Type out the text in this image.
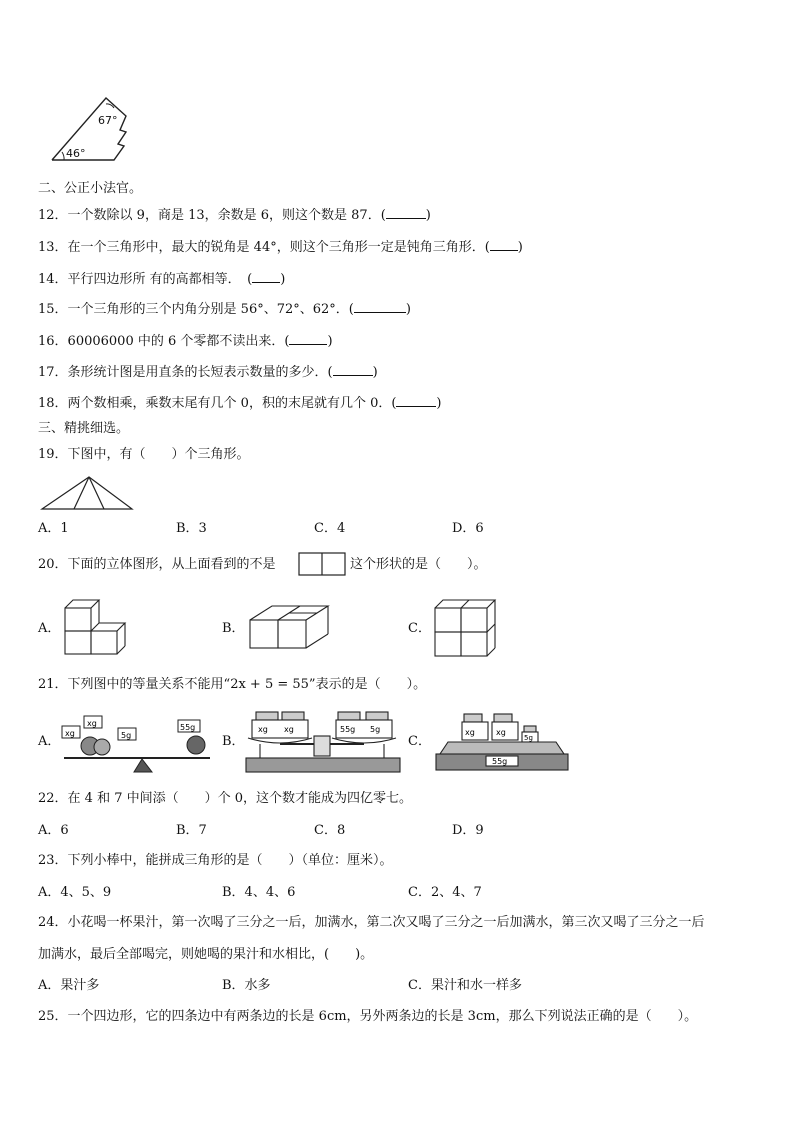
67°
46°
二、公正小法官。
12．一个数除以 9，商是 13，余数是 6，则这个数是 87．(	)
13．在一个三角形中，最大的锐角是 44°，则这个三角形一定是钝角三角形．( )
14．平行四边形所 有的高都相等．　( )
15．一个三角形的三个内角分别是 56°、72°、62°．(	)
16．60006000 中的 6 个零都不读出来．(	)
17．条形统计图是用直条的长短表示数量的多少．(	)
18．两个数相乘，乘数末尾有几个 0，积的末尾就有几个 0．(	)
三、精挑细选。
19．下图中，有（　　）个三角形。
A．1	B．3	C．4	D．6
20．下面的立体图形，从上面看到的不是	这个形状的是（　　）。
A．	B．	C．
21．下列图中的等量关系不能用“2x + 5 = 55”表示的是（　　）。
A．
xg
xg
5g
55g
B．
xg xg	55g 5g
C．
xg	xg
5g
55g
22．在 4 和 7 中间添（　　）个 0，这个数才能成为四亿零七。
A．6	B．7	C．8	D．9
23．下列小棒中，能拼成三角形的是（　　）（单位：厘米）。
A．4、5、9	B．4、4、6	C．2、4、7
24．小花喝一杯果汁，第一次喝了三分之一后，加满水，第二次又喝了三分之一后加满水，第三次又喝了三分之一后
加满水，最后全部喝完，则她喝的果汁和水相比，(　　)。
A．果汁多	B．水多	C．果汁和水一样多
25．一个四边形，它的四条边中有两条边的长是 6cm，另外两条边的长是 3cm，那么下列说法正确的是（　　）。
